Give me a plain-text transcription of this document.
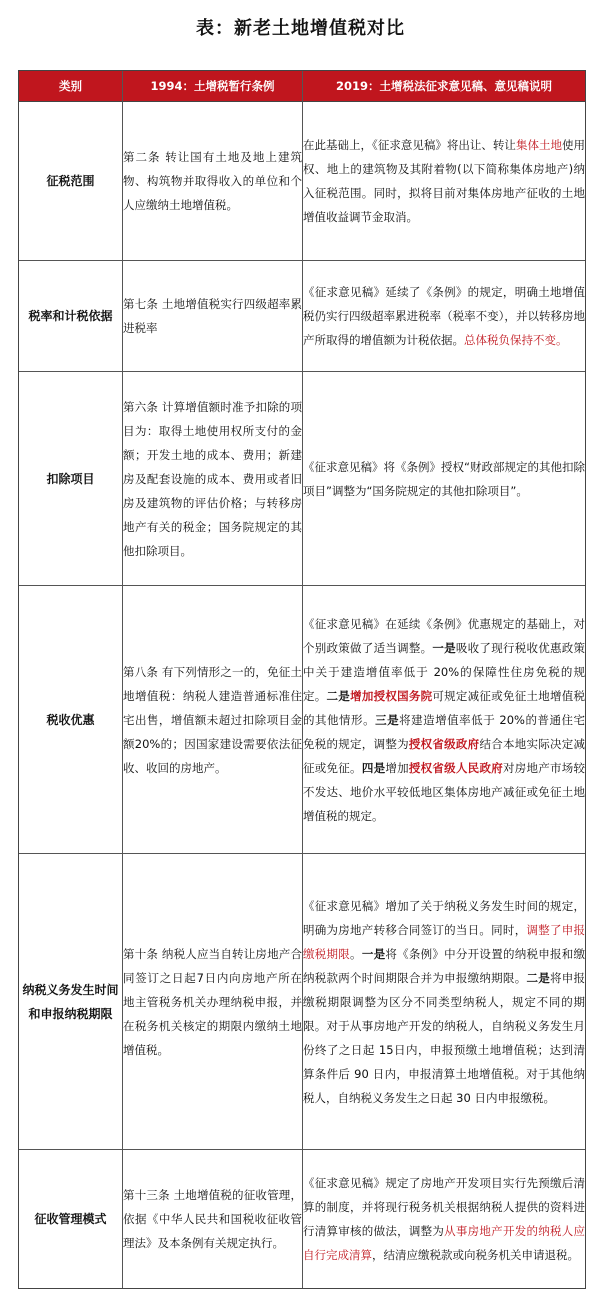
表：新老土地增值税对比
类别	1994：土增税暂行条例	2019：土增税法征求意见稿、意见稿说明
征税范围	第二条 转让国有土地及地上建筑物、构筑物并取得收入的单位和个人应缴纳土地增值税。	在此基础上，《征求意见稿》将出让、转让集体土地使用权、地上的建筑物及其附着物(以下简称集体房地产)纳入征税范围。同时，拟将目前对集体房地产征收的土地增值收益调节金取消。
税率和计税依据	第七条 土地增值税实行四级超率累进税率	《征求意见稿》延续了《条例》的规定，明确土地增值税仍实行四级超率累进税率（税率不变），并以转移房地产所取得的增值额为计税依据。总体税负保持不变。
扣除项目	第六条 计算增值额时准予扣除的项目为：取得土地使用权所支付的金额；开发土地的成本、费用；新建房及配套设施的成本、费用或者旧房及建筑物的评估价格；与转移房地产有关的税金；国务院规定的其他扣除项目。	《征求意见稿》将《条例》授权“财政部规定的其他扣除项目”调整为“国务院规定的其他扣除项目”。
税收优惠	第八条 有下列情形之一的，免征土地增值税：纳税人建造普通标准住宅出售，增值额未超过扣除项目金额20%的；因国家建设需要依法征收、收回的房地产。	《征求意见稿》在延续《条例》优惠规定的基础上，对个别政策做了适当调整。一是吸收了现行税收优惠政策中关于建造增值率低于 20%的保障性住房免税的规定。二是增加授权国务院可规定减征或免征土地增值税的其他情形。三是将建造增值率低于 20%的普通住宅免税的规定，调整为授权省级政府结合本地实际决定减征或免征。四是增加授权省级人民政府对房地产市场较不发达、地价水平较低地区集体房地产减征或免征土地增值税的规定。
纳税义务发生时间和申报纳税期限	第十条 纳税人应当自转让房地产合同签订之日起7日内向房地产所在地主管税务机关办理纳税申报，并在税务机关核定的期限内缴纳土地增值税。	《征求意见稿》增加了关于纳税义务发生时间的规定，明确为房地产转移合同签订的当日。同时，调整了申报缴税期限。一是将《条例》中分开设置的纳税申报和缴纳税款两个时间期限合并为申报缴纳期限。二是将申报缴税期限调整为区分不同类型纳税人，规定不同的期限。对于从事房地产开发的纳税人，自纳税义务发生月份终了之日起 15日内，申报预缴土地增值税；达到清算条件后 90 日内，申报清算土地增值税。对于其他纳税人，自纳税义务发生之日起 30 日内申报缴税。
征收管理模式	第十三条 土地增值税的征收管理，依据《中华人民共和国税收征收管理法》及本条例有关规定执行。	《征求意见稿》规定了房地产开发项目实行先预缴后清算的制度，并将现行税务机关根据纳税人提供的资料进行清算审核的做法，调整为从事房地产开发的纳税人应自行完成清算，结清应缴税款或向税务机关申请退税。
